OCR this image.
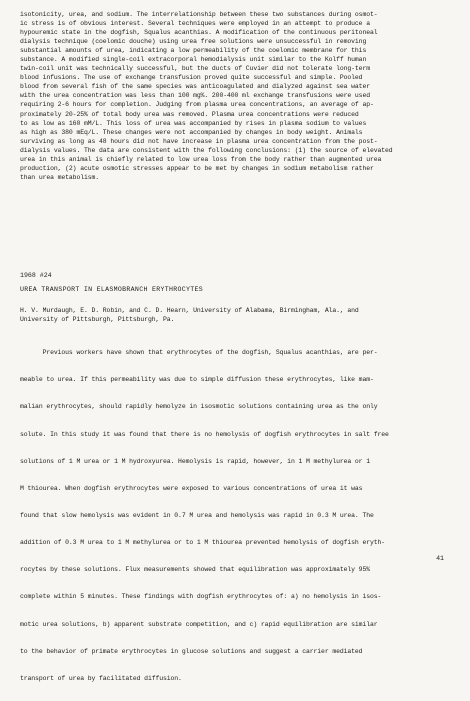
isotonicity, urea, and sodium. The interrelationship between these two substances during osmot-
ic stress is of obvious interest. Several techniques were employed in an attempt to produce a
hypouremic state in the dogfish, Squalus acanthias. A modification of the continuous peritoneal
dialysis technique (coelomic douche) using urea free solutions were unsuccessful in removing
substantial amounts of urea, indicating a low permeability of the coelomic membrane for this
substance. A modified single-coil extracorporal hemodialysis unit similar to the Kolff human
twin-coil unit was technically successful, but the ducts of Cuvier did not tolerate long-term
blood infusions. The use of exchange transfusion proved quite successful and simple. Pooled
blood from several fish of the same species was anticoagulated and dialyzed against sea water
with the urea concentration was less than 100 mg%. 200-400 ml exchange transfusions were used
requiring 2-6 hours for completion. Judging from plasma urea concentrations, an average of ap-
proximately 20-25% of total body urea was removed. Plasma urea concentrations were reduced
to as low as 160 mM/L. This loss of urea was accompanied by rises in plasma sodium to values
as high as 380 mEq/L. These changes were not accompanied by changes in body weight. Animals
surviving as long as 48 hours did not have increase in plasma urea concentration from the post-
dialysis values. The data are consistent with the following conclusions: (1) the source of elevated
urea in this animal is chiefly related to low urea loss from the body rather than augmented urea
production, (2) acute osmotic stresses appear to be met by changes in sodium metabolism rather
than urea metabolism.

1968 #24

UREA TRANSPORT IN ELASMOBRANCH ERYTHROCYTES

H. V. Murdaugh, E. D. Robin, and C. D. Hearn, University of Alabama, Birmingham, Ala., and
University of Pittsburgh, Pittsburgh, Pa.

Previous workers have shown that erythrocytes of the dogfish, Squalus acanthias, are per-

meable to urea. If this permeability was due to simple diffusion these erythrocytes, like mam-

malian erythrocytes, should rapidly hemolyze in isosmotic solutions containing urea as the only

solute. In this study it was found that there is no hemolysis of dogfish erythrocytes in salt free

solutions of 1 M urea or 1 M hydroxyurea. Hemolysis is rapid, however, in 1 M methylurea or 1

M thiourea. When dogfish erythrocytes were exposed to various concentrations of urea it was

found that slow hemolysis was evident in 0.7 M urea and hemolysis was rapid in 0.3 M urea. The

addition of 0.3 M urea to 1 M methylurea or to 1 M thiourea prevented hemolysis of dogfish eryth-

rocytes by these solutions. Flux measurements showed that equilibration was approximately 95%

complete within 5 minutes. These findings with dogfish erythrocytes of: a) no hemolysis in isos-

motic urea solutions, b) apparent substrate competition, and c) rapid equilibration are similar

to the behavior of primate erythrocytes in glucose solutions and suggest a carrier mediated

transport of urea by facilitated diffusion.

41
